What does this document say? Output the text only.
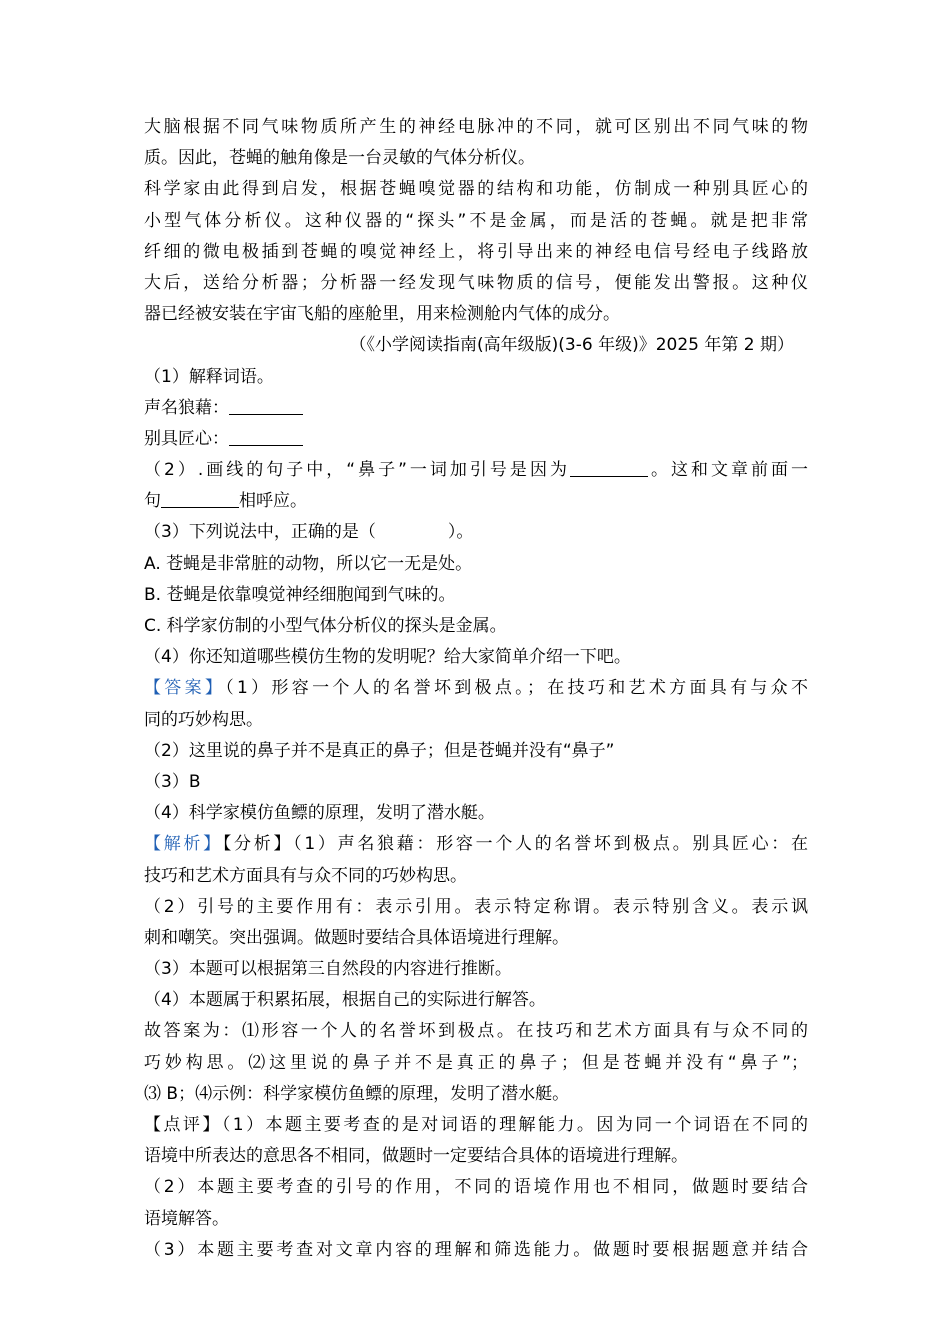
大脑根据不同气味物质所产生的神经电脉冲的不同，就可区别出不同气味的物
质。因此，苍蝇的触角像是一台灵敏的气体分析仪。
科学家由此得到启发，根据苍蝇嗅觉器的结构和功能，仿制成一种别具匠心的
小型气体分析仪。这种仪器的“探头”不是金属，而是活的苍蝇。就是把非常
纤细的微电极插到苍蝇的嗅觉神经上，将引导出来的神经电信号经电子线路放
大后，送给分析器；分析器一经发现气味物质的信号，便能发出警报。这种仪
器已经被安装在宇宙飞船的座舱里，用来检测舱内气体的成分。
（《小学阅读指南(高年级版)(3-6 年级)》2025 年第 2 期）
（1）解释词语。
声名狼藉：
别具匠心：
（2）.画线的句子中，“鼻子”一词加引号是因为	。这和文章前面一
句	相呼应。
（3）下列说法中，正确的是（	）。
A. 苍蝇是非常脏的动物，所以它一无是处。
B. 苍蝇是依靠嗅觉神经细胞闻到气味的。
C. 科学家仿制的小型气体分析仪的探头是金属。
（4）你还知道哪些模仿生物的发明呢？给大家简单介绍一下吧。
【答案】（1）形容一个人的名誉坏到极点。；在技巧和艺术方面具有与众不
同的巧妙构思。
（2）这里说的鼻子并不是真正的鼻子；但是苍蝇并没有“鼻子”
（3）B
（4）科学家模仿鱼鳔的原理，发明了潜水艇。
【解析】【分析】（1）声名狼藉：形容一个人的名誉坏到极点。别具匠心：在
技巧和艺术方面具有与众不同的巧妙构思。
（2）引号的主要作用有：表示引用。表示特定称谓。表示特别含义。表示讽
刺和嘲笑。突出强调。做题时要结合具体语境进行理解。
（3）本题可以根据第三自然段的内容进行推断。
（4）本题属于积累拓展，根据自己的实际进行解答。
故答案为：⑴形容一个人的名誉坏到极点。在技巧和艺术方面具有与众不同的
巧妙构思。⑵这里说的鼻子并不是真正的鼻子；但是苍蝇并没有“鼻子”；
⑶ B；⑷示例：科学家模仿鱼鳔的原理，发明了潜水艇。
【点评】（1）本题主要考查的是对词语的理解能力。因为同一个词语在不同的
语境中所表达的意思各不相同，做题时一定要结合具体的语境进行理解。
（2）本题主要考查的引号的作用，不同的语境作用也不相同，做题时要结合
语境解答。
（3）本题主要考查对文章内容的理解和筛选能力。做题时要根据题意并结合
